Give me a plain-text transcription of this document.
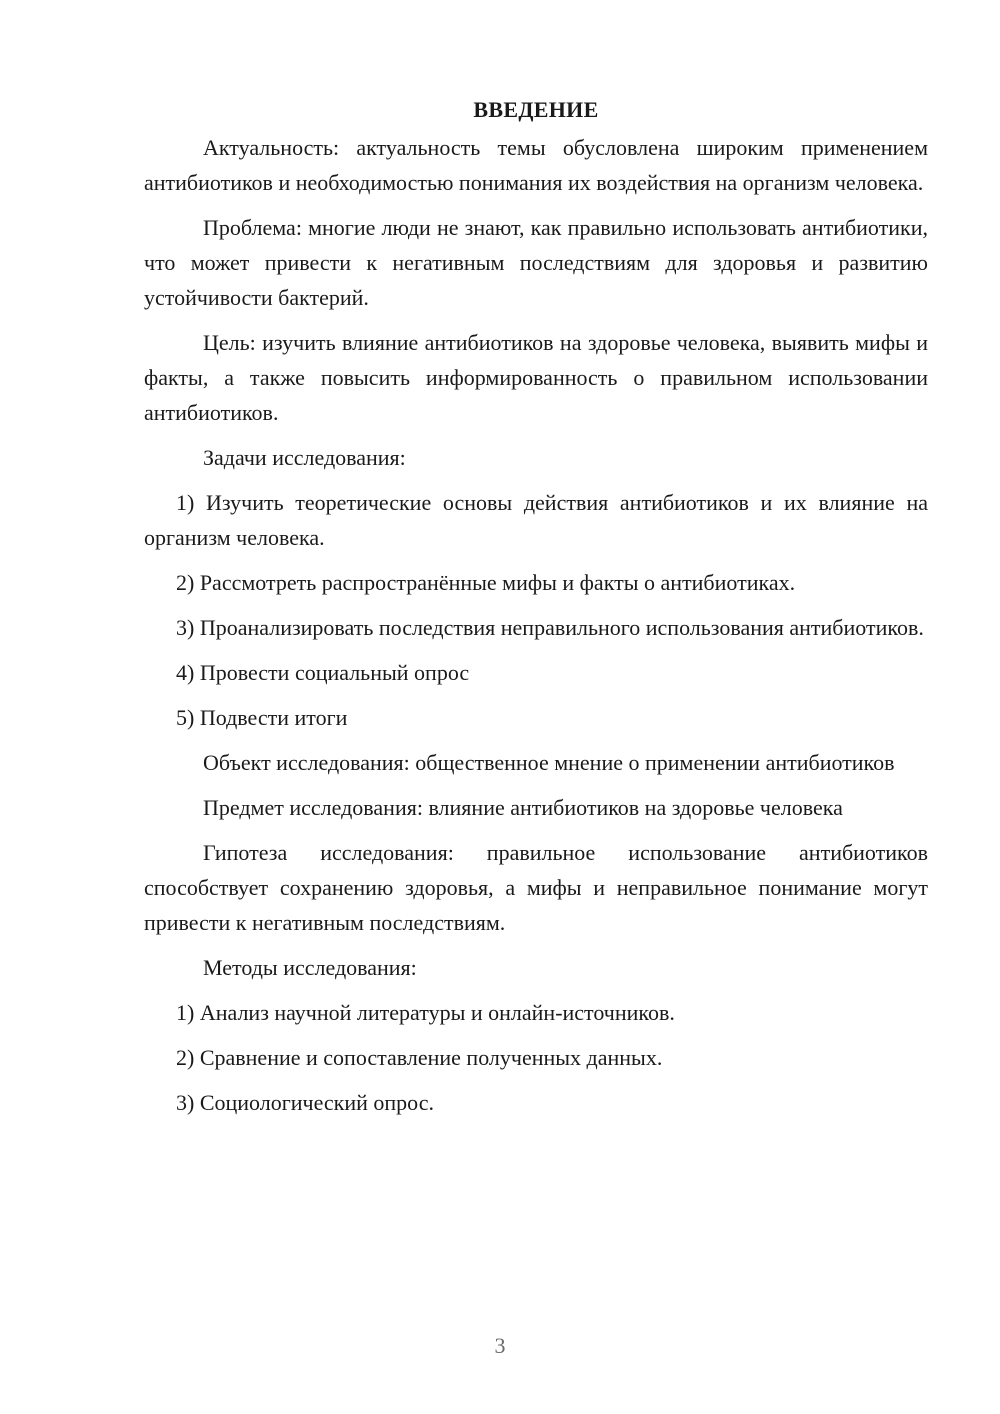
ВВЕДЕНИЕ

Актуальность: актуальность темы обусловлена широким применением антибиотиков и необходимостью понимания их воздействия на организм человека.

Проблема: многие люди не знают, как правильно использовать антибиотики, что может привести к негативным последствиям для здоровья и развитию устойчивости бактерий.

Цель: изучить влияние антибиотиков на здоровье человека, выявить мифы и факты, а также повысить информированность о правильном использовании антибиотиков.

Задачи исследования:

1) Изучить теоретические основы действия антибиотиков и их влияние на организм человека.

2) Рассмотреть распространённые мифы и факты о антибиотиках.

3) Проанализировать последствия неправильного использования антибиотиков.

4) Провести социальный опрос

5) Подвести итоги

Объект исследования: общественное мнение о применении антибиотиков

Предмет исследования: влияние антибиотиков на здоровье человека

Гипотеза исследования: правильное использование антибиотиков способствует сохранению здоровья, а мифы и неправильное понимание могут привести к негативным последствиям.

Методы исследования:

1) Анализ научной литературы и онлайн-источников.

2) Сравнение и сопоставление полученных данных.

3) Социологический опрос.

3
